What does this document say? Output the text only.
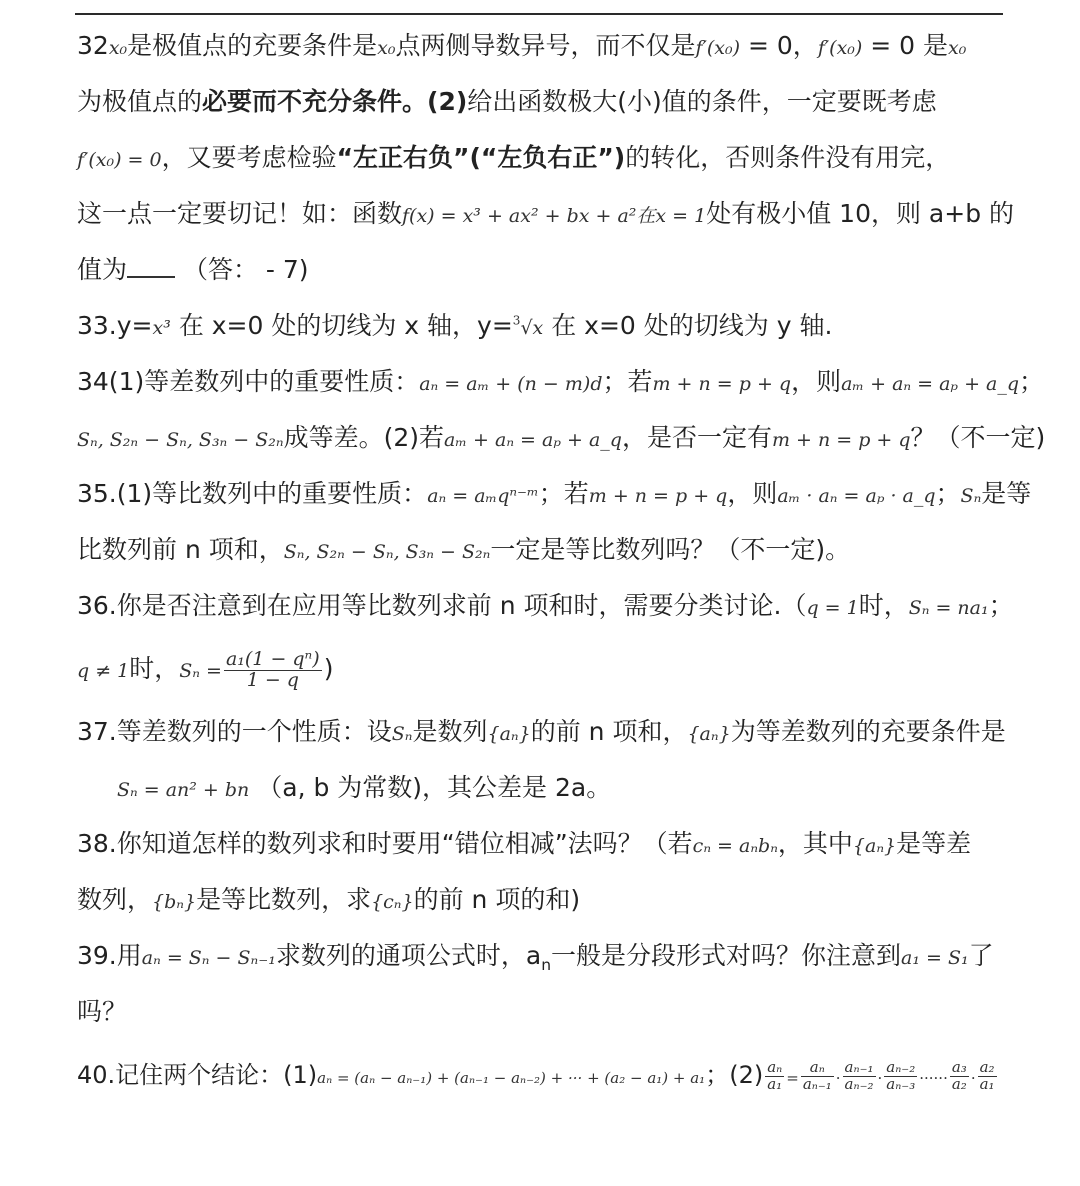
32x₀是极值点的充要条件是x₀点两侧导数异号，而不仅是f′(x₀) = 0，f′(x₀) = 0 是x₀
为极值点的必要而不充分条件。(2)给出函数极大(小)值的条件，一定要既考虑
f′(x₀) = 0，又要考虑检验“左正右负”(“左负右正”)的转化，否则条件没有用完，
这一点一定要切记！如：函数f(x) = x³ + ax² + bx + a²在x = 1处有极小值 10，则 a+b 的
值为 （答： - 7)
33.y=x³ 在 x=0 处的切线为 x 轴，y=$^3$√x 在 x=0 处的切线为 y 轴.
34(1)等差数列中的重要性质：aₙ = aₘ + (n − m)d；若m + n = p + q，则aₘ + aₙ = aₚ + a_q；
Sₙ, S₂ₙ − Sₙ, S₃ₙ − S₂ₙ成等差。(2)若aₘ + aₙ = aₚ + a_q，是否一定有m + n = p + q？（不一定)
35.(1)等比数列中的重要性质：aₙ = aₘqⁿ⁻ᵐ；若m + n = p + q，则aₘ · aₙ = aₚ · a_q；Sₙ是等
比数列前 n 项和，Sₙ, S₂ₙ − Sₙ, S₃ₙ − S₂ₙ一定是等比数列吗？（不一定)。
36.你是否注意到在应用等比数列求前 n 项和时，需要分类讨论.（q = 1时，Sₙ = na₁；
q ≠ 1时，$S_n = \frac{\text{a₁(1 − qⁿ)}}{1 - q}$ )
37.等差数列的一个性质：设Sₙ是数列{aₙ}的前 n 项和，{aₙ}为等差数列的充要条件是
Sₙ = an² + bn （a, b 为常数)，其公差是 2a。
38.你知道怎样的数列求和时要用“错位相减”法吗？（若cₙ = aₙbₙ，其中{aₙ}是等差
数列，{bₙ}是等比数列，求{cₙ}的前 n 项的和)
39.用aₙ = Sₙ − Sₙ₋₁求数列的通项公式时，$a_n$一般是分段形式对吗？你注意到a₁ = S₁了
吗？
40.记住两个结论：(1)aₙ = (aₙ − aₙ₋₁) + (aₙ₋₁ − aₙ₋₂) + ··· + (a₂ − a₁) + a₁；$(2) \frac{\text{aₙ}}{\text{a₁}} = \frac{\text{aₙ}}{\text{aₙ₋₁}} \cdot \frac{\text{aₙ₋₁}}{\text{aₙ₋₂}} \cdot \frac{\text{aₙ₋₂}}{\text{aₙ₋₃}}$ ······ $\frac{\text{a₃}}{\text{a₂}} \cdot \frac{\text{a₂}}{\text{a₁}}$
